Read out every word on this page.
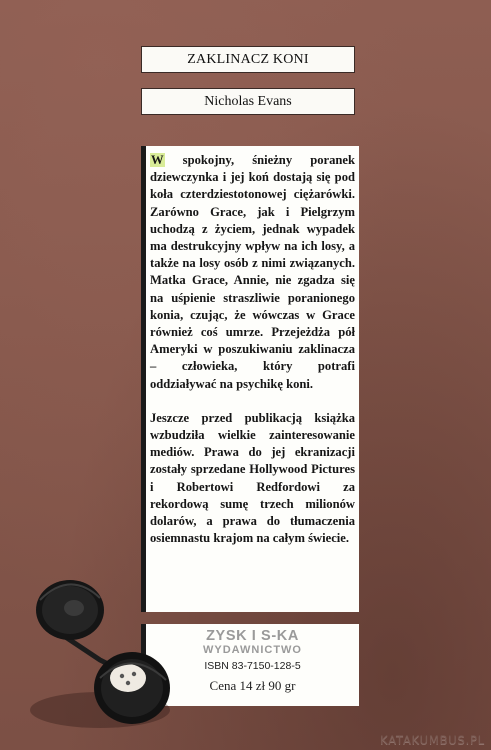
ZAKLINACZ KONI
Nicholas Evans

W spokojny, śnieżny poranek dziewczynka i jej koń dostają się pod koła czterdziestotonowej ciężarówki. Zarówno Grace, jak i Pielgrzym uchodzą z życiem, jednak wypadek ma destrukcyjny wpływ na ich losy, a także na losy osób z nimi związanych. Matka Grace, Annie, nie zgadza się na uśpienie straszliwie poranionego konia, czując, że wówczas w Grace również coś umrze. Przejeżdża pół Ameryki w poszukiwaniu zaklinacza – człowieka, który potrafi oddziaływać na psychikę koni.

Jeszcze przed publikacją książka wzbudziła wielkie zainteresowanie mediów. Prawa do jej ekranizacji zostały sprzedane Hollywood Pictures i Robertowi Redfordowi za rekordową sumę trzech milionów dolarów, a prawa do tłumaczenia osiemnastu krajom na całym świecie.

ZYSK I S-KA
WYDAWNICTWO
ISBN 83-7150-128-5
Cena 14 zł 90 gr
KATAKUMBUS.PL
